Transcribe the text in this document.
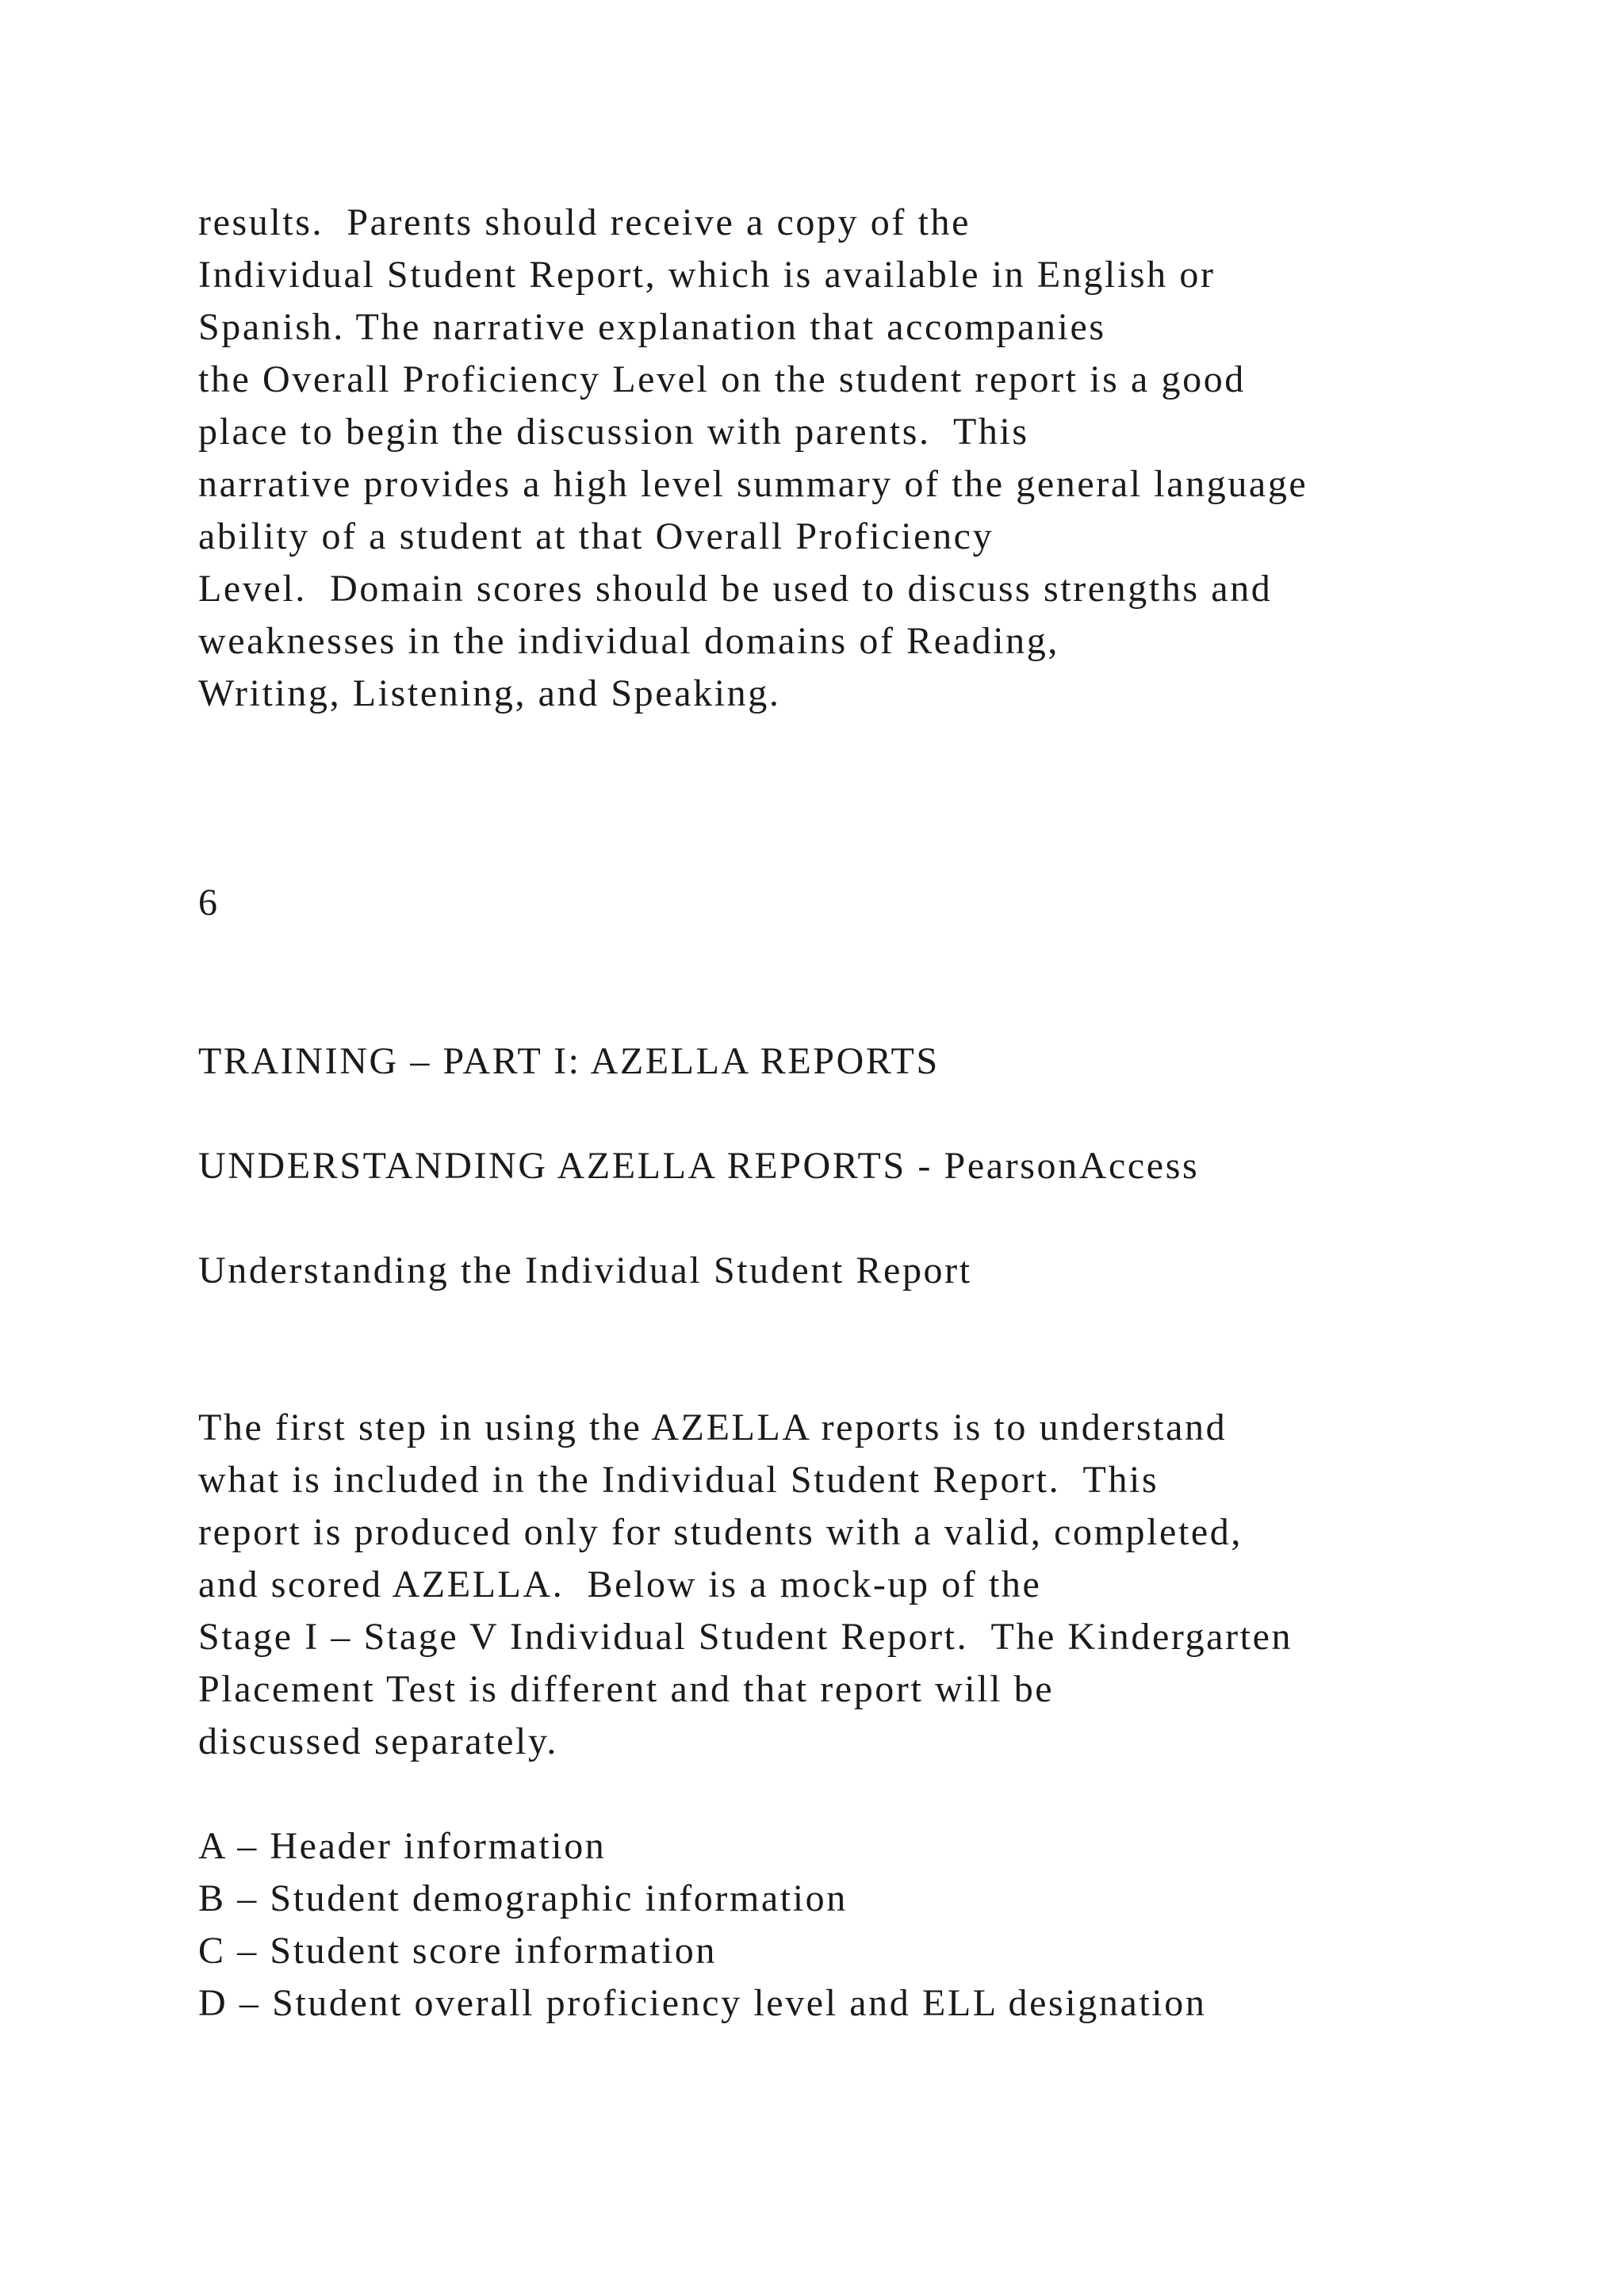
results.  Parents should receive a copy of the

Individual Student Report, which is available in English or

Spanish. The narrative explanation that accompanies

the Overall Proficiency Level on the student report is a good

place to begin the discussion with parents.  This

narrative provides a high level summary of the general language

ability of a student at that Overall Proficiency

Level.  Domain scores should be used to discuss strengths and

weaknesses in the individual domains of Reading,

Writing, Listening, and Speaking.

6

TRAINING – PART I: AZELLA REPORTS

UNDERSTANDING AZELLA REPORTS - PearsonAccess

Understanding the Individual Student Report

The first step in using the AZELLA reports is to understand

what is included in the Individual Student Report.  This

report is produced only for students with a valid, completed,

and scored AZELLA.  Below is a mock-up of the

Stage I – Stage V Individual Student Report.  The Kindergarten

Placement Test is different and that report will be

discussed separately.

A – Header information

B – Student demographic information

C – Student score information

D – Student overall proficiency level and ELL designation
